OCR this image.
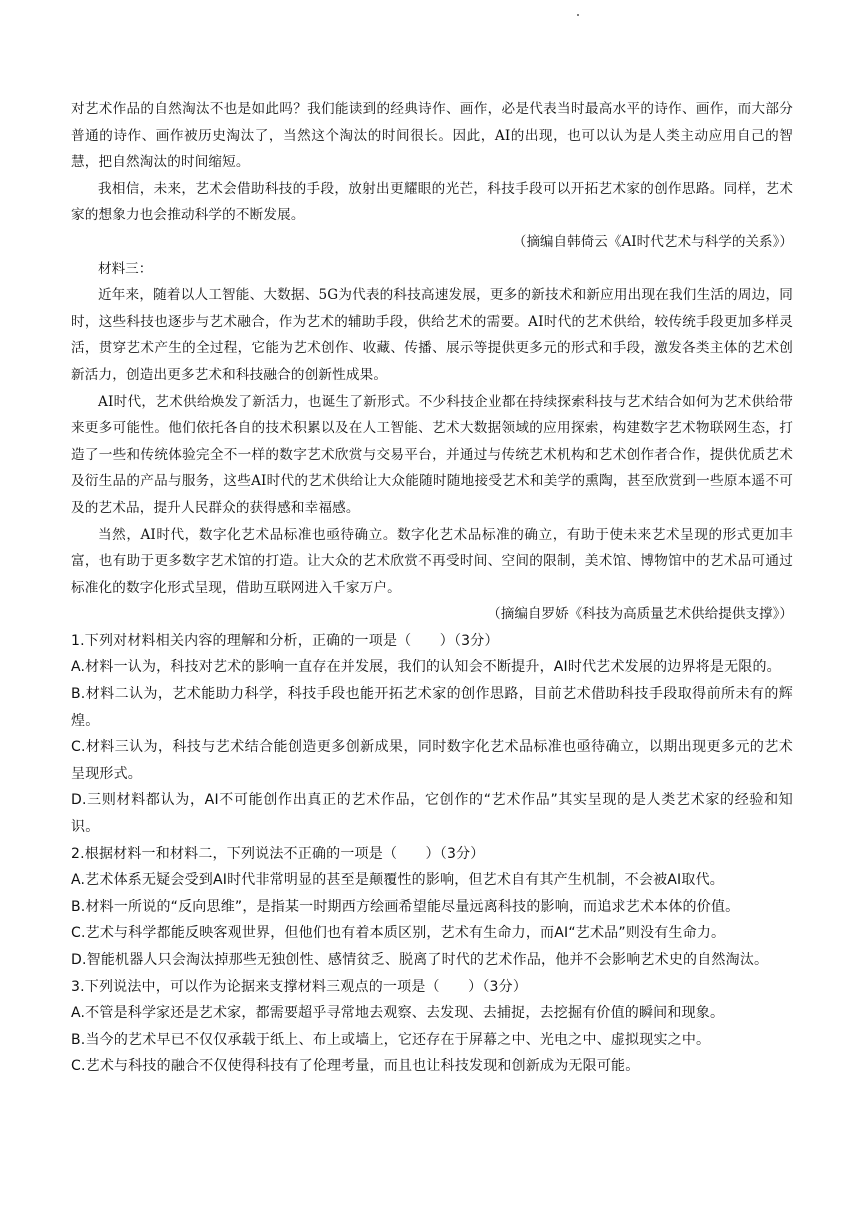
对艺术作品的自然淘汰不也是如此吗？我们能读到的经典诗作、画作，必是代表当时最高水平的诗作、画作，而大部分普通的诗作、画作被历史淘汰了，当然这个淘汰的时间很长。因此，AI的出现，也可以认为是人类主动应用自己的智慧，把自然淘汰的时间缩短。

我相信，未来，艺术会借助科技的手段，放射出更耀眼的光芒，科技手段可以开拓艺术家的创作思路。同样，艺术家的想象力也会推动科学的不断发展。

（摘编自韩倚云《AI时代艺术与科学的关系》）

材料三：

近年来，随着以人工智能、大数据、5G为代表的科技高速发展，更多的新技术和新应用出现在我们生活的周边，同时，这些科技也逐步与艺术融合，作为艺术的辅助手段，供给艺术的需要。AI时代的艺术供给，较传统手段更加多样灵活，贯穿艺术产生的全过程，它能为艺术创作、收藏、传播、展示等提供更多元的形式和手段，激发各类主体的艺术创新活力，创造出更多艺术和科技融合的创新性成果。

AI时代，艺术供给焕发了新活力，也诞生了新形式。不少科技企业都在持续探索科技与艺术结合如何为艺术供给带来更多可能性。他们依托各自的技术积累以及在人工智能、艺术大数据领域的应用探索，构建数字艺术物联网生态，打造了一些和传统体验完全不一样的数字艺术欣赏与交易平台，并通过与传统艺术机构和艺术创作者合作，提供优质艺术及衍生品的产品与服务，这些AI时代的艺术供给让大众能随时随地接受艺术和美学的熏陶，甚至欣赏到一些原本遥不可及的艺术品，提升人民群众的获得感和幸福感。

当然，AI时代，数字化艺术品标准也亟待确立。数字化艺术品标准的确立，有助于使未来艺术呈现的形式更加丰富，也有助于更多数字艺术馆的打造。让大众的艺术欣赏不再受时间、空间的限制，美术馆、博物馆中的艺术品可通过标准化的数字化形式呈现，借助互联网进入千家万户。

（摘编自罗娇《科技为高质量艺术供给提供支撑》）

1.下列对材料相关内容的理解和分析，正确的一项是（　　）（3分）

A.材料一认为，科技对艺术的影响一直存在并发展，我们的认知会不断提升，AI时代艺术发展的边界将是无限的。

B.材料二认为，艺术能助力科学，科技手段也能开拓艺术家的创作思路，目前艺术借助科技手段取得前所未有的辉煌。

C.材料三认为，科技与艺术结合能创造更多创新成果，同时数字化艺术品标准也亟待确立，以期出现更多元的艺术呈现形式。

D.三则材料都认为，AI不可能创作出真正的艺术作品，它创作的“艺术作品”其实呈现的是人类艺术家的经验和知识。

2.根据材料一和材料二，下列说法不正确的一项是（　　）（3分）

A.艺术体系无疑会受到AI时代非常明显的甚至是颠覆性的影响，但艺术自有其产生机制，不会被AI取代。

B.材料一所说的“反向思维”，是指某一时期西方绘画希望能尽量远离科技的影响，而追求艺术本体的价值。

C.艺术与科学都能反映客观世界，但他们也有着本质区别，艺术有生命力，而AI“艺术品”则没有生命力。

D.智能机器人只会淘汰掉那些无独创性、感情贫乏、脱离了时代的艺术作品，他并不会影响艺术史的自然淘汰。

3.下列说法中，可以作为论据来支撑材料三观点的一项是（　　）（3分）

A.不管是科学家还是艺术家，都需要超乎寻常地去观察、去发现、去捕捉，去挖掘有价值的瞬间和现象。

B.当今的艺术早已不仅仅承载于纸上、布上或墙上，它还存在于屏幕之中、光电之中、虚拟现实之中。

C.艺术与科技的融合不仅使得科技有了伦理考量，而且也让科技发现和创新成为无限可能。
